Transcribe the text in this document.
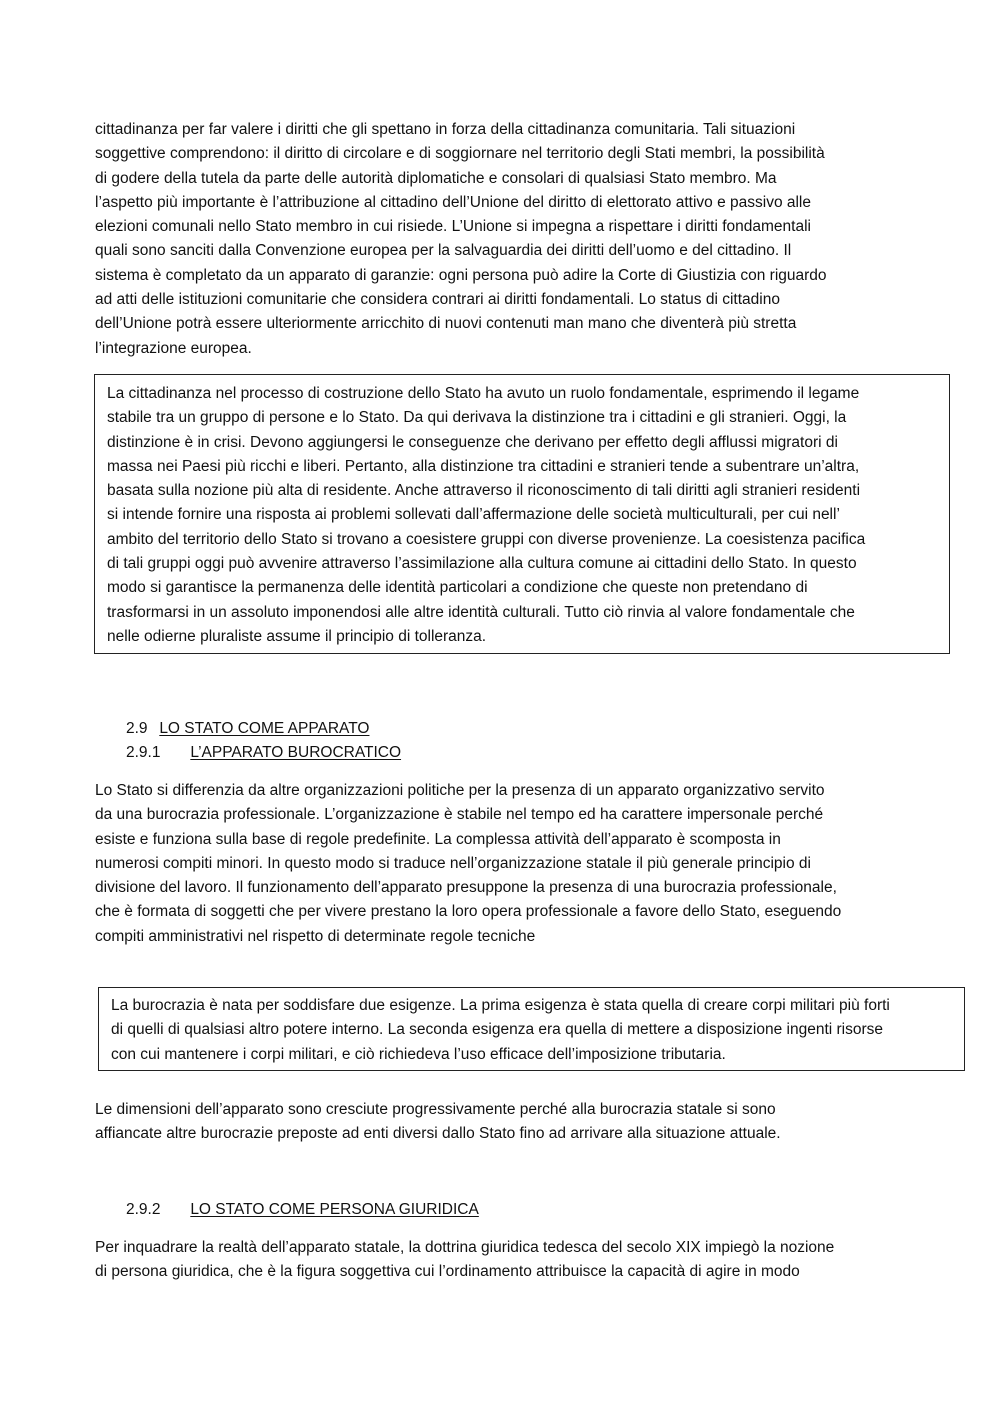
cittadinanza per far valere i diritti che gli spettano in forza della cittadinanza comunitaria. Tali situazioni
soggettive comprendono: il diritto di circolare e di soggiornare nel territorio degli Stati membri, la possibilità
di godere della tutela da parte delle autorità diplomatiche e consolari di qualsiasi Stato membro. Ma
l’aspetto più importante è l’attribuzione al cittadino dell’Unione del diritto di elettorato attivo e passivo alle
elezioni comunali nello Stato membro in cui risiede. L’Unione si impegna a rispettare i diritti fondamentali
quali sono sanciti dalla Convenzione europea per la salvaguardia dei diritti dell’uomo e del cittadino. Il
sistema è completato da un apparato di garanzie: ogni persona può adire la Corte di Giustizia con riguardo
ad atti delle istituzioni comunitarie che considera contrari ai diritti fondamentali. Lo status di cittadino
dell’Unione potrà essere ulteriormente arricchito di nuovi contenuti man mano che diventerà più stretta
l’integrazione europea.
La cittadinanza nel processo di costruzione dello Stato ha avuto un ruolo fondamentale, esprimendo il legame
stabile tra un gruppo di persone e lo Stato. Da qui derivava la distinzione tra i cittadini e gli stranieri. Oggi, la
distinzione è in crisi. Devono aggiungersi le conseguenze che derivano per effetto degli afflussi migratori di
massa nei Paesi più ricchi e liberi. Pertanto, alla distinzione tra cittadini e stranieri tende a subentrare un’altra,
basata sulla nozione più alta di residente. Anche attraverso il riconoscimento di tali diritti agli stranieri residenti
si intende fornire una risposta ai problemi sollevati dall’affermazione delle società multiculturali, per cui nell’
ambito del territorio dello Stato si trovano a coesistere gruppi con diverse provenienze. La coesistenza pacifica
di tali gruppi oggi può avvenire attraverso l’assimilazione alla cultura comune ai cittadini dello Stato. In questo
modo si garantisce la permanenza delle identità particolari a condizione che queste non pretendano di
trasformarsi in un assoluto imponendosi alle altre identità culturali. Tutto ciò rinvia al valore fondamentale che
nelle odierne pluraliste assume il principio di tolleranza.
2.9 LO STATO COME APPARATO
2.9.1 L’APPARATO BUROCRATICO
Lo Stato si differenzia da altre organizzazioni politiche per la presenza di un apparato organizzativo servito
da una burocrazia professionale. L’organizzazione è stabile nel tempo ed ha carattere impersonale perché
esiste e funziona sulla base di regole predefinite. La complessa attività dell’apparato è scomposta in
numerosi compiti minori. In questo modo si traduce nell’organizzazione statale il più generale principio di
divisione del lavoro. Il funzionamento dell’apparato presuppone la presenza di una burocrazia professionale,
che è formata di soggetti che per vivere prestano la loro opera professionale a favore dello Stato, eseguendo
compiti amministrativi nel rispetto di determinate regole tecniche
La burocrazia è nata per soddisfare due esigenze. La prima esigenza è stata quella di creare corpi militari più forti
di quelli di qualsiasi altro potere interno. La seconda esigenza era quella di mettere a disposizione ingenti risorse
con cui mantenere i corpi militari, e ciò richiedeva l’uso efficace dell’imposizione tributaria.
Le dimensioni dell’apparato sono cresciute progressivamente perché alla burocrazia statale si sono
affiancate altre burocrazie preposte ad enti diversi dallo Stato fino ad arrivare alla situazione attuale.
2.9.2 LO STATO COME PERSONA GIURIDICA
Per inquadrare la realtà dell’apparato statale, la dottrina giuridica tedesca del secolo XIX impiegò la nozione
di persona giuridica, che è la figura soggettiva cui l’ordinamento attribuisce la capacità di agire in modo
